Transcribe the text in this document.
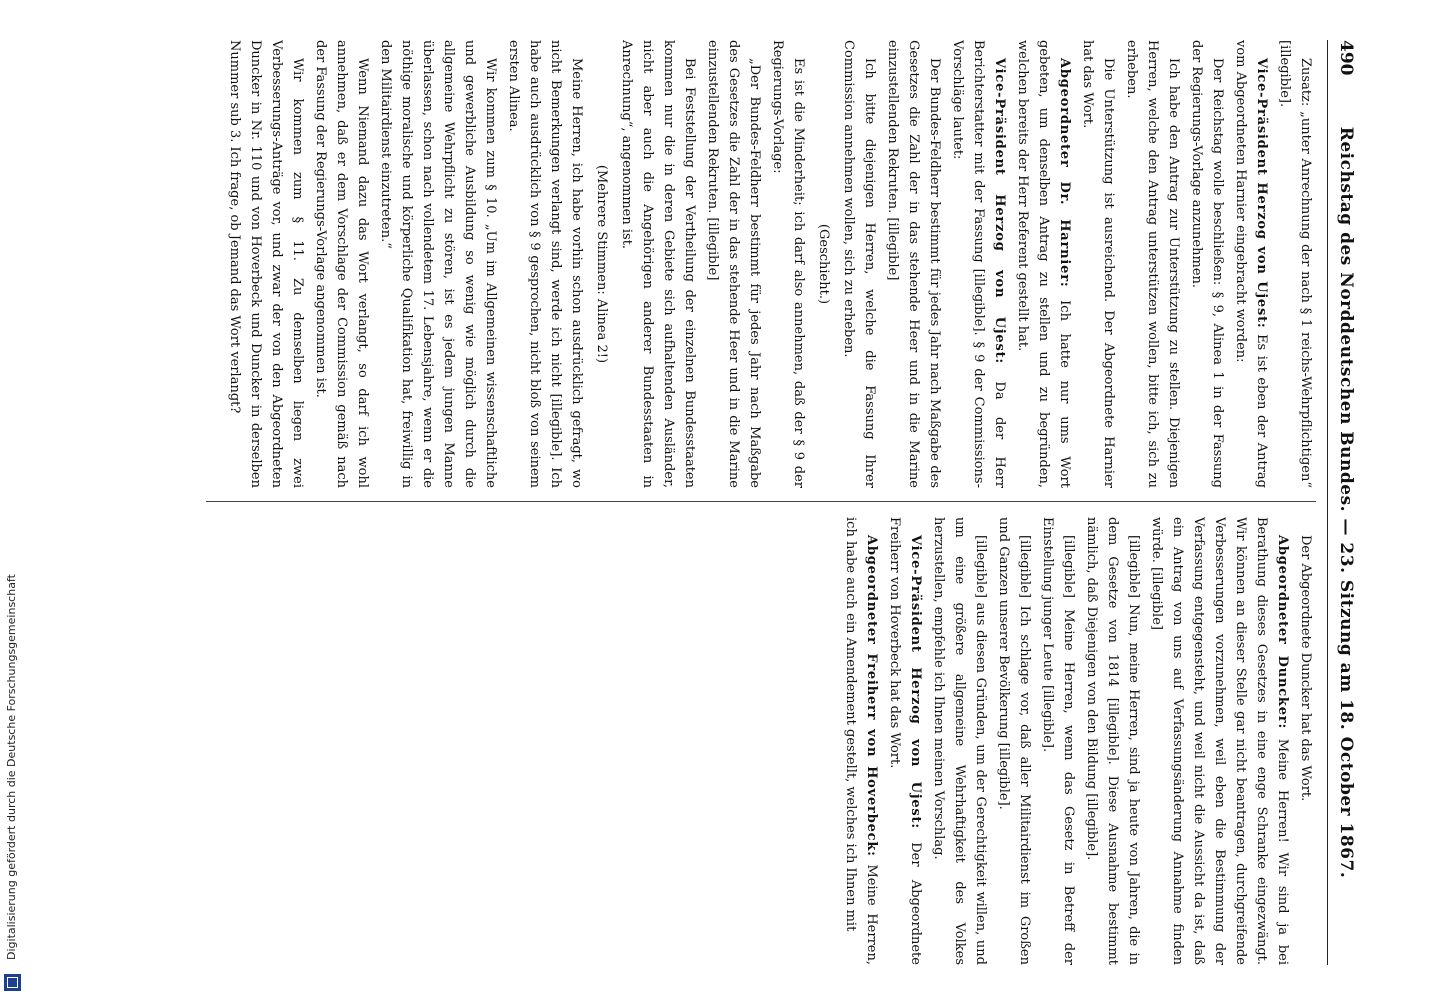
490
Reichstag des Norddeutschen Bundes. — 23. Sitzung am 18. October 1867.

Zusatz: „unter Anrechnung der nach § 1 reichs-Wehrpflichtigen“ [illegible].

Vice-Präsident Herzog von Ujest: Es ist eben der Antrag vom Abgeordneten Harnier eingebracht worden:

Der Reichstag wolle beschließen: § 9, Alinea 1 in der Fassung der Regierungs-Vorlage anzunehmen.

Ich habe den Antrag zur Unterstützung zu stellen. Diejenigen Herren, welche den Antrag unterstützen wollen, bitte ich, sich zu erheben.

Die Unterstützung ist ausreichend. Der Abgeordnete Harnier hat das Wort.

Abgeordneter Dr. Harnier: Ich hatte nur ums Wort gebeten, um denselben Antrag zu stellen und zu begründen, welchen bereits der Herr Referent gestellt hat.

Vice-Präsident Herzog von Ujest: Da der Herr Berichterstatter mit der Fassung [illegible]. § 9 der Commissions-Vorschläge lautet:

Der Bundes-Feldherr bestimmt für jedes Jahr nach Maßgabe des Gesetzes die Zahl der in das stehende Heer und in die Marine einzustellenden Rekruten. [illegible]

Ich bitte diejenigen Herren, welche die Fassung Ihrer Commission annehmen wollen, sich zu erheben.

(Geschieht.)

Es ist die Minderheit; ich darf also annehmen, daß der § 9 der Regierungs-Vorlage:

„Der Bundes-Feldherr bestimmt für jedes Jahr nach Maßgabe des Gesetzes die Zahl der in das stehende Heer und in die Marine einzustellenden Rekruten. [illegible]

Bei Feststellung der Vertheilung der einzelnen Bundesstaaten kommen nur die in deren Gebiete sich aufhaltenden Ausländer, nicht aber auch die Angehörigen anderer Bundesstaaten in Anrechnung“, angenommen ist.

(Mehrere Stimmen: Alinea 2!)

Meine Herren, ich habe vorhin schon ausdrücklich gefragt, wo nicht Bemerkungen verlangt sind, werde ich nicht [illegible]. Ich habe auch ausdrücklich von § 9 gesprochen, nicht bloß von seinem ersten Alinea.

Wir kommen zum § 10. „Um im Allgemeinen wissenschaftliche und gewerbliche Ausbildung so wenig wie möglich durch die allgemeine Wehrpflicht zu stören, ist es jedem jungen Manne überlassen, schon nach vollendetem 17. Lebensjahre, wenn er die nöthige moralische und körperliche Qualifikation hat, freiwillig in den Militairdienst einzutreten.“

Wenn Niemand dazu das Wort verlangt, so darf ich wohl annehmen, daß er dem Vorschlage der Commission gemäß nach der Fassung der Regierungs-Vorlage angenommen ist.

Wir kommen zum § 11. Zu demselben liegen zwei Verbesserungs-Anträge vor, und zwar der von den Abgeordneten Duncker in Nr. 110 und von Hoverbeck und Duncker in derselben Nummer sub 3. Ich frage, ob Jemand das Wort verlangt?

Der Abgeordnete Duncker hat das Wort.

Abgeordneter Duncker: Meine Herren! Wir sind ja bei Berathung dieses Gesetzes in eine enge Schranke eingezwängt. Wir können an dieser Stelle gar nicht beantragen, durchgreifende Verbesserungen vorzunehmen, weil eben die Bestimmung der Verfassung entgegensteht, und weil nicht die Aussicht da ist, daß ein Antrag von uns auf Verfassungsänderung Annahme finden würde. [illegible]

[illegible] Nun, meine Herren, sind ja heute von Jahren, die in dem Gesetze von 1814 [illegible]. Diese Ausnahme bestimmt nämlich, daß Diejenigen von den Bildung [illegible].

[illegible] Meine Herren, wenn das Gesetz in Betreff der Einstellung junger Leute [illegible].

[illegible] Ich schlage vor, daß aller Militairdienst im Großen und Ganzen unserer Bevölkerung [illegible].

[illegible] aus diesen Gründen, um der Gerechtigkeit willen, und um eine größere allgemeine Wehrhaftigkeit des Volkes herzustellen, empfehle ich Ihnen meinen Vorschlag.

Vice-Präsident Herzog von Ujest: Der Abgeordnete Freiherr von Hoverbeck hat das Wort.

Abgeordneter Freiherr von Hoverbeck: Meine Herren, ich habe auch ein Amendement gestellt, welches ich Ihnen mit

Digitalisierung gefördert durch die Deutsche Forschungsgemeinschaft
